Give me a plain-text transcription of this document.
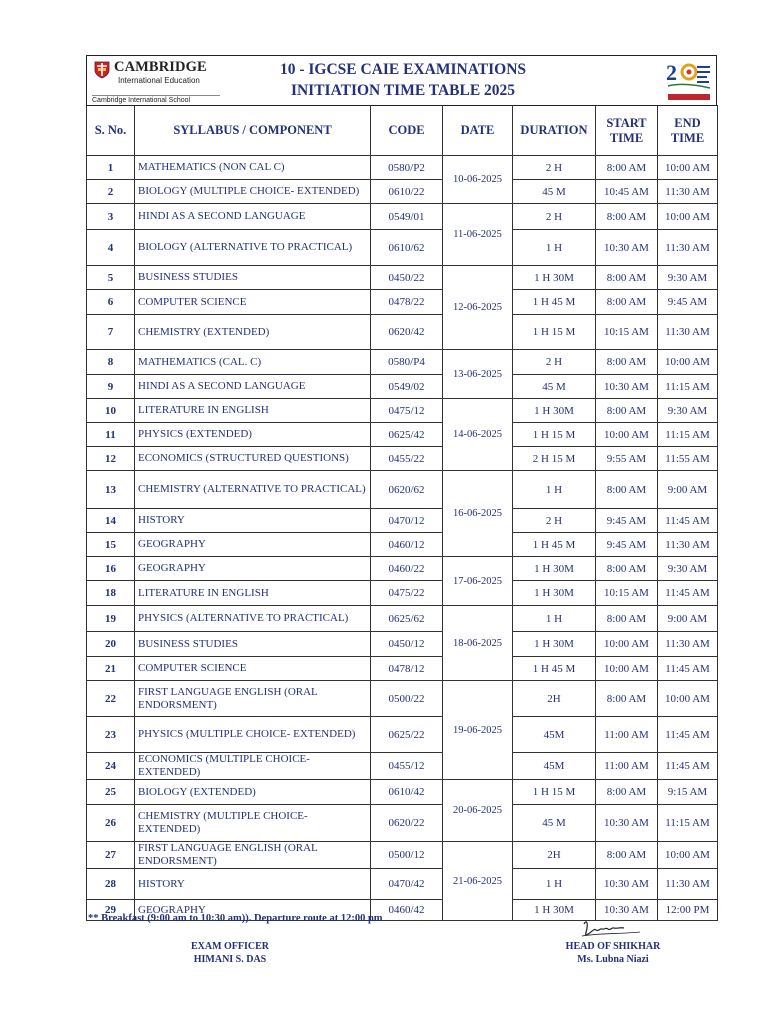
CAMBRIDGE
International Education
Cambridge International School
10 - IGCSE CAIE EXAMINATIONS
INITIATION TIME TABLE 2025
2
S. No.	SYLLABUS / COMPONENT	CODE	DATE	DURATION	START TIME	END TIME
1	MATHEMATICS (NON CAL C)	0580/P2	10-06-2025	2 H	8:00 AM	10:00 AM
2	BIOLOGY (MULTIPLE CHOICE- EXTENDED)	0610/22		45 M	10:45 AM	11:30 AM
3	HINDI AS A SECOND LANGUAGE	0549/01	11-06-2025	2 H	8:00 AM	10:00 AM
4	BIOLOGY (ALTERNATIVE TO PRACTICAL)	0610/62		1 H	10:30 AM	11:30 AM
5	BUSINESS STUDIES	0450/22	12-06-2025	1 H 30M	8:00 AM	9:30 AM
6	COMPUTER SCIENCE	0478/22		1 H 45 M	8:00 AM	9:45 AM
7	CHEMISTRY (EXTENDED)	0620/42		1 H 15 M	10:15 AM	11:30 AM
8	MATHEMATICS (CAL. C)	0580/P4	13-06-2025	2 H	8:00 AM	10:00 AM
9	HINDI AS A SECOND LANGUAGE	0549/02		45 M	10:30 AM	11:15 AM
10	LITERATURE IN ENGLISH	0475/12	14-06-2025	1 H 30M	8:00 AM	9:30 AM
11	PHYSICS (EXTENDED)	0625/42		1 H 15 M	10:00 AM	11:15 AM
12	ECONOMICS (STRUCTURED QUESTIONS)	0455/22		2 H 15 M	9:55 AM	11:55 AM
13	CHEMISTRY (ALTERNATIVE TO PRACTICAL)	0620/62	16-06-2025	1 H	8:00 AM	9:00 AM
14	HISTORY	0470/12		2 H	9:45 AM	11:45 AM
15	GEOGRAPHY	0460/12		1 H 45 M	9:45 AM	11:30 AM
16	GEOGRAPHY	0460/22	17-06-2025	1 H 30M	8:00 AM	9:30 AM
18	LITERATURE IN ENGLISH	0475/22		1 H 30M	10:15 AM	11:45 AM
19	PHYSICS (ALTERNATIVE TO PRACTICAL)	0625/62	18-06-2025	1 H	8:00 AM	9:00 AM
20	BUSINESS STUDIES	0450/12		1 H 30M	10:00 AM	11:30 AM
21	COMPUTER SCIENCE	0478/12		1 H 45 M	10:00 AM	11:45 AM
22	FIRST LANGUAGE ENGLISH (ORAL ENDORSMENT)	0500/22	19-06-2025	2H	8:00 AM	10:00 AM
23	PHYSICS (MULTIPLE CHOICE- EXTENDED)	0625/22		45M	11:00 AM	11:45 AM
24	ECONOMICS (MULTIPLE CHOICE- EXTENDED)	0455/12		45M	11:00 AM	11:45 AM
25	BIOLOGY (EXTENDED)	0610/42	20-06-2025	1 H 15 M	8:00 AM	9:15 AM
26	CHEMISTRY (MULTIPLE CHOICE- EXTENDED)	0620/22		45 M	10:30 AM	11:15 AM
27	FIRST LANGUAGE ENGLISH (ORAL ENDORSMENT)	0500/12	21-06-2025	2H	8:00 AM	10:00 AM
28	HISTORY	0470/42		1 H	10:30 AM	11:30 AM
29	GEOGRAPHY	0460/42		1 H 30M	10:30 AM	12:00 PM
** Breakfast (9:00 am to 10:30 am)). Departure route at 12:00 pm
EXAM OFFICER
HIMANI S. DAS
HEAD OF SHIKHAR
Ms. Lubna Niazi
